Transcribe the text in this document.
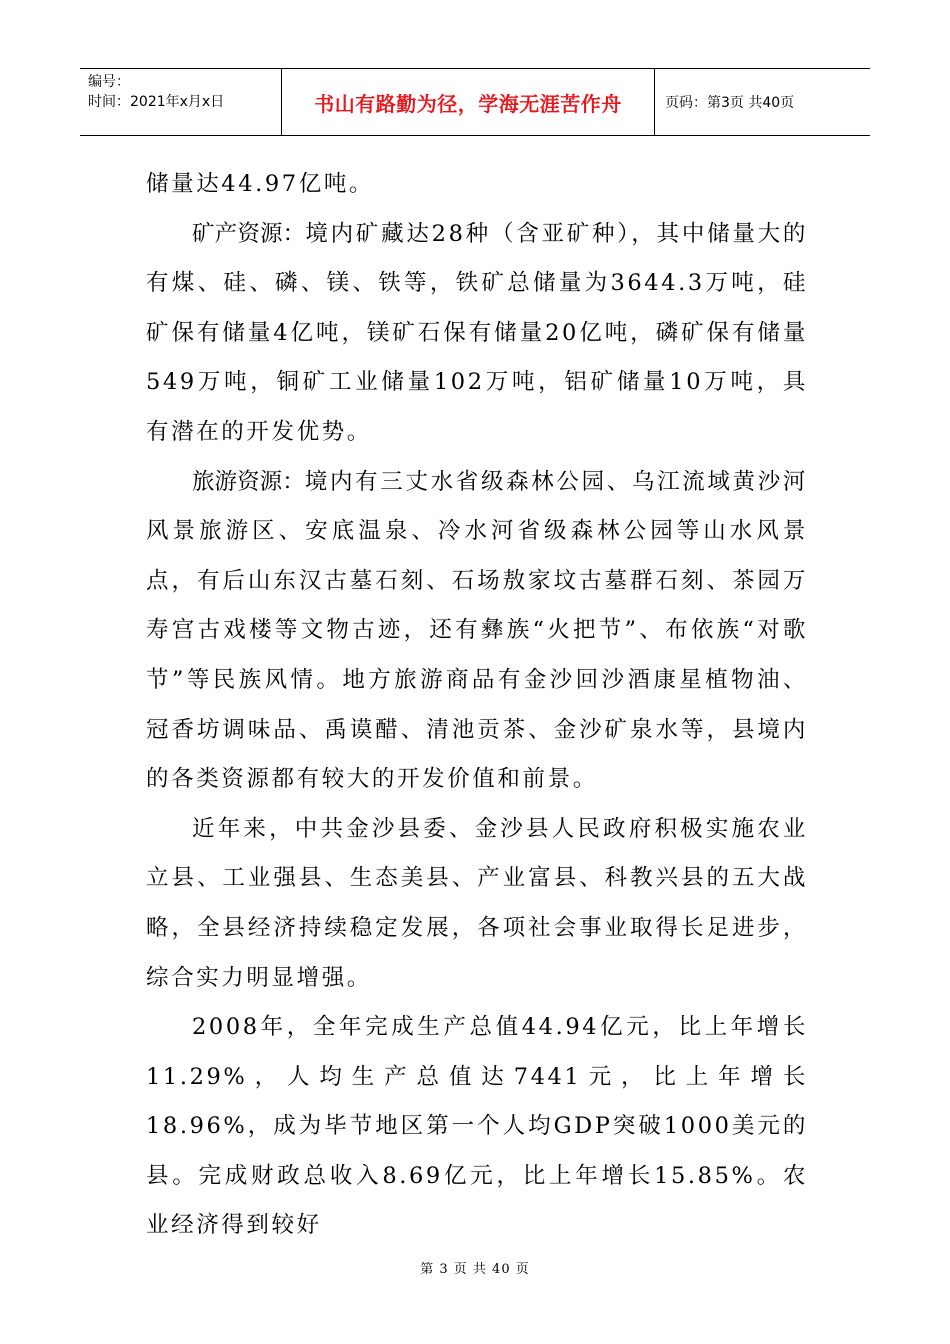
编号：
时间：2021年x月x日	书山有路勤为径，学海无涯苦作舟	页码：第3页 共40页

储量达44.97亿吨。

矿产资源：境内矿藏达28种（含亚矿种），其中储量大的有煤、硅、磷、镁、铁等，铁矿总储量为3644.3万吨，硅矿保有储量4亿吨，镁矿石保有储量20亿吨，磷矿保有储量549万吨，铜矿工业储量102万吨，铝矿储量10万吨，具有潜在的开发优势。

旅游资源：境内有三丈水省级森林公园、乌江流域黄沙河风景旅游区、安底温泉、冷水河省级森林公园等山水风景点，有后山东汉古墓石刻、石场敖家坟古墓群石刻、茶园万寿宫古戏楼等文物古迹，还有彝族“火把节”、布依族“对歌节”等民族风情。地方旅游商品有金沙回沙酒康星植物油、冠香坊调味品、禹谟醋、清池贡茶、金沙矿泉水等，县境内的各类资源都有较大的开发价值和前景。

近年来，中共金沙县委、金沙县人民政府积极实施农业立县、工业强县、生态美县、产业富县、科教兴县的五大战略，全县经济持续稳定发展，各项社会事业取得长足进步，综合实力明显增强。

2008年，全年完成生产总值44.94亿元，比上年增长11.29%，人均生产总值达7441元，比上年增长18.96%，成为毕节地区第一个人均GDP突破1000美元的县。完成财政总收入8.69亿元，比上年增长15.85%。农业经济得到较好

第 3 页 共 40 页
